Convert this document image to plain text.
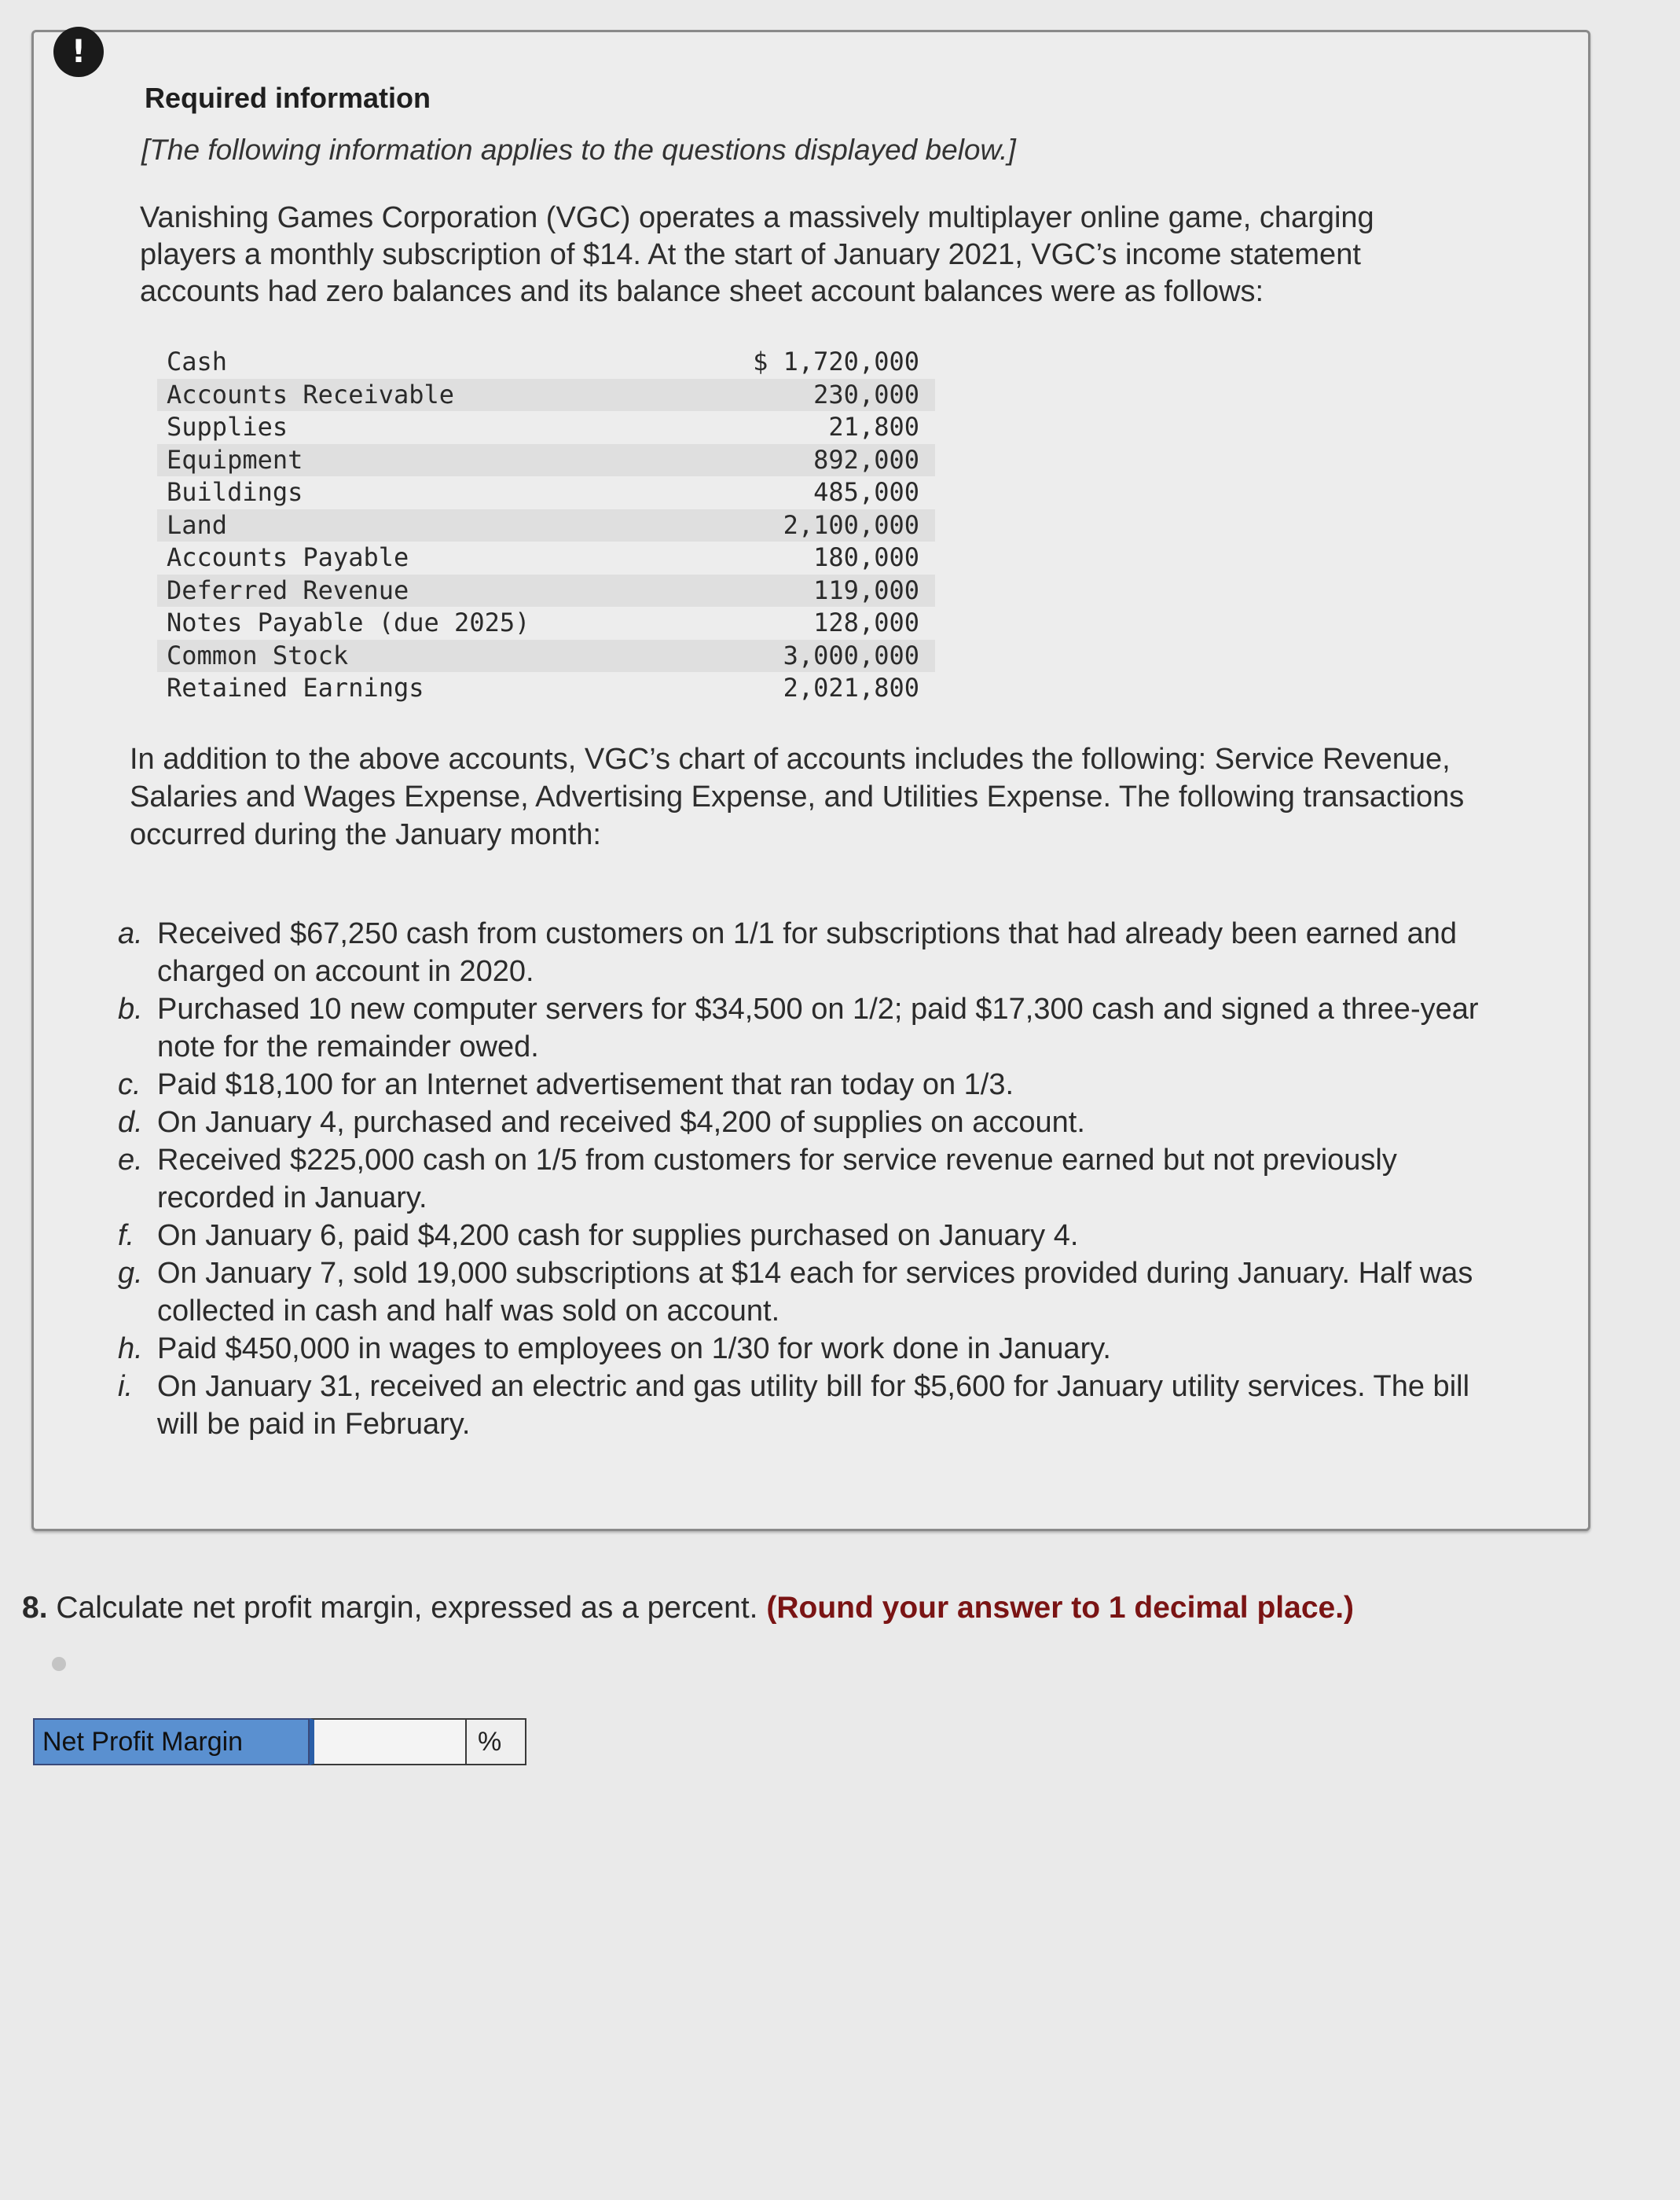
!
Required information
[The following information applies to the questions displayed below.]
Vanishing Games Corporation (VGC) operates a massively multiplayer online game, charging players a monthly subscription of $14. At the start of January 2021, VGC’s income statement accounts had zero balances and its balance sheet account balances were as follows:
Cash	$ 1,720,000
Accounts Receivable	230,000
Supplies	21,800
Equipment	892,000
Buildings	485,000
Land	2,100,000
Accounts Payable	180,000
Deferred Revenue	119,000
Notes Payable (due 2025)	128,000
Common Stock	3,000,000
Retained Earnings	2,021,800
In addition to the above accounts, VGC’s chart of accounts includes the following: Service Revenue, Salaries and Wages Expense, Advertising Expense, and Utilities Expense. The following transactions occurred during the January month:
a. Received $67,250 cash from customers on 1/1 for subscriptions that had already been earned and charged on account in 2020.
b. Purchased 10 new computer servers for $34,500 on 1/2; paid $17,300 cash and signed a three-year note for the remainder owed.
c. Paid $18,100 for an Internet advertisement that ran today on 1/3.
d. On January 4, purchased and received $4,200 of supplies on account.
e. Received $225,000 cash on 1/5 from customers for service revenue earned but not previously recorded in January.
f. On January 6, paid $4,200 cash for supplies purchased on January 4.
g. On January 7, sold 19,000 subscriptions at $14 each for services provided during January. Half was collected in cash and half was sold on account.
h. Paid $450,000 in wages to employees on 1/30 for work done in January.
i. On January 31, received an electric and gas utility bill for $5,600 for January utility services. The bill will be paid in February.
8. Calculate net profit margin, expressed as a percent. (Round your answer to 1 decimal place.)
Net Profit Margin	%
